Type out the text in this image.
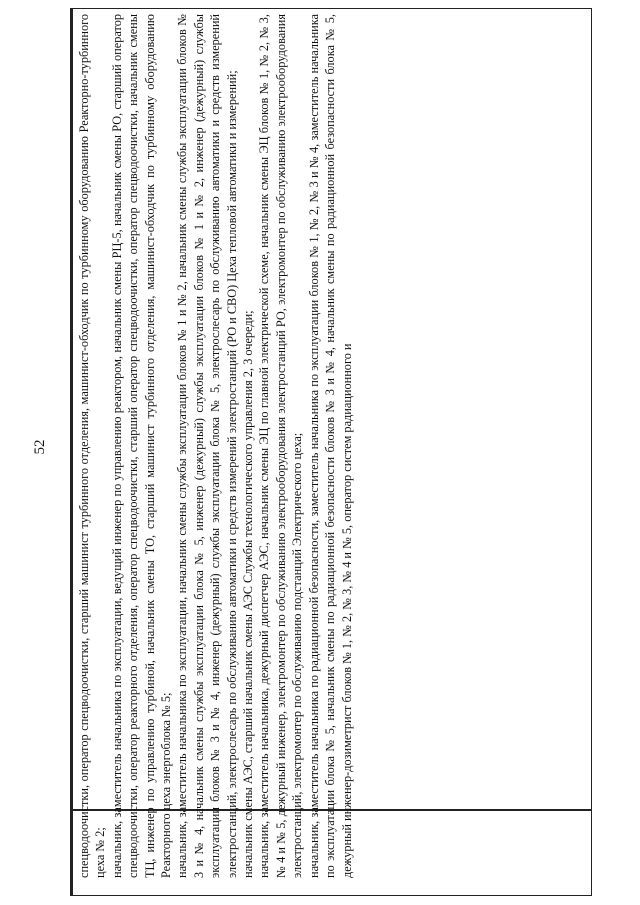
52	спецводоочистки, оператор спецводоочистки, старший машинист турбинного отделения, машинист-обходчик по турбинному оборудованию Реакторно-турбинного цеха № 2; начальник, заместитель начальника по эксплуатации, ведущий инженер по управлению реактором, начальник смены РЦ-5, начальник смены РО, старший оператор спецводоочистки, оператор реакторного отделения, оператор спецводоочистки, старший оператор спецводоочистки, оператор спецводоочистки, начальник смены ТЦ, инженер по управлению турбиной, начальник смены ТО, старший машинист турбинного отделения, машинист-обходчик по турбинному оборудованию Реакторного цеха энергоблока № 5; начальник, заместитель начальника по эксплуатации, начальник смены службы эксплуатации блоков № 1 и № 2, начальник смены службы эксплуатации блоков № 3 и № 4, начальник смены службы эксплуатации блока № 5, инженер (дежурный) службы эксплуатации блоков № 1 и № 2, инженер (дежурный) службы эксплуатации блоков № 3 и № 4, инженер (дежурный) службы эксплуатации блока № 5, электрослесарь по обслуживанию автоматики и средств измерений электростанций, электрослесарь по обслуживанию автоматики и средств измерений электростанций (РО и СВО) Цеха тепловой автоматики и измерений; начальник смены АЭС, старший начальник смены АЭС Службы технологического управления 2, 3 очереди; начальник, заместитель начальника, дежурный диспетчер АЭС, начальник смены ЭЦ по главной электрической схеме, начальник смены ЭЦ блоков № 1, № 2, № 3, № 4 и № 5, дежурный инженер, электромонтер по обслуживанию электрооборудования электростанций РО, электромонтер по обслуживанию электрооборудования электростанций, электромонтер по обслуживанию подстанций Электрического цеха; начальник, заместитель начальника по радиационной безопасности, заместитель начальника по эксплуатации блоков № 1, № 2, № 3 и № 4, заместитель начальника по эксплуатации блока № 5, начальник смены по радиационной безопасности блоков № 3 и № 4, начальник смены по радиационной безопасности блока № 5, дежурный инженер-дозиметрист блоков № 1, № 2, № 3, № 4 и № 5, оператор систем радиационного и
